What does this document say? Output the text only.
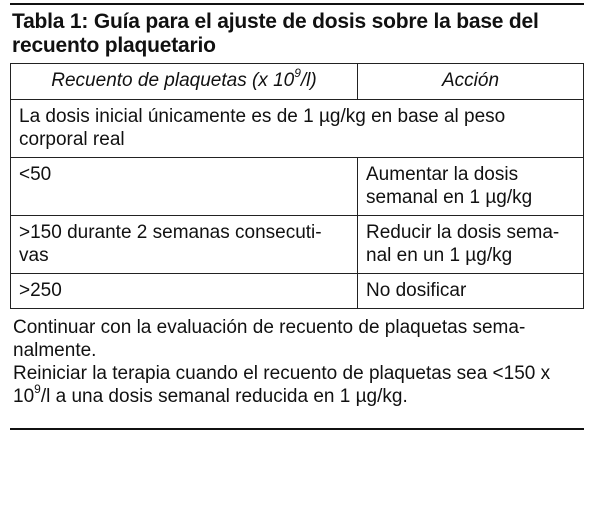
Tabla 1: Guía para el ajuste de dosis sobre la base del recuento plaquetario
Recuento de plaquetas (x $10^9/l$)	Acción
La dosis inicial únicamente es de 1 µg/kg en base al peso corporal real	
<50	Aumentar la dosis semanal en 1 µg/kg
>150 durante 2 semanas consecuti-vas	Reducir la dosis sema-nal en un 1 µg/kg
>250	No dosificar

Continuar con la evaluación de recuento de plaquetas sema-nalmente.

Reiniciar la terapia cuando el recuento de plaquetas sea <150 x $10^9/l$ a una dosis semanal reducida en 1 µg/kg.
